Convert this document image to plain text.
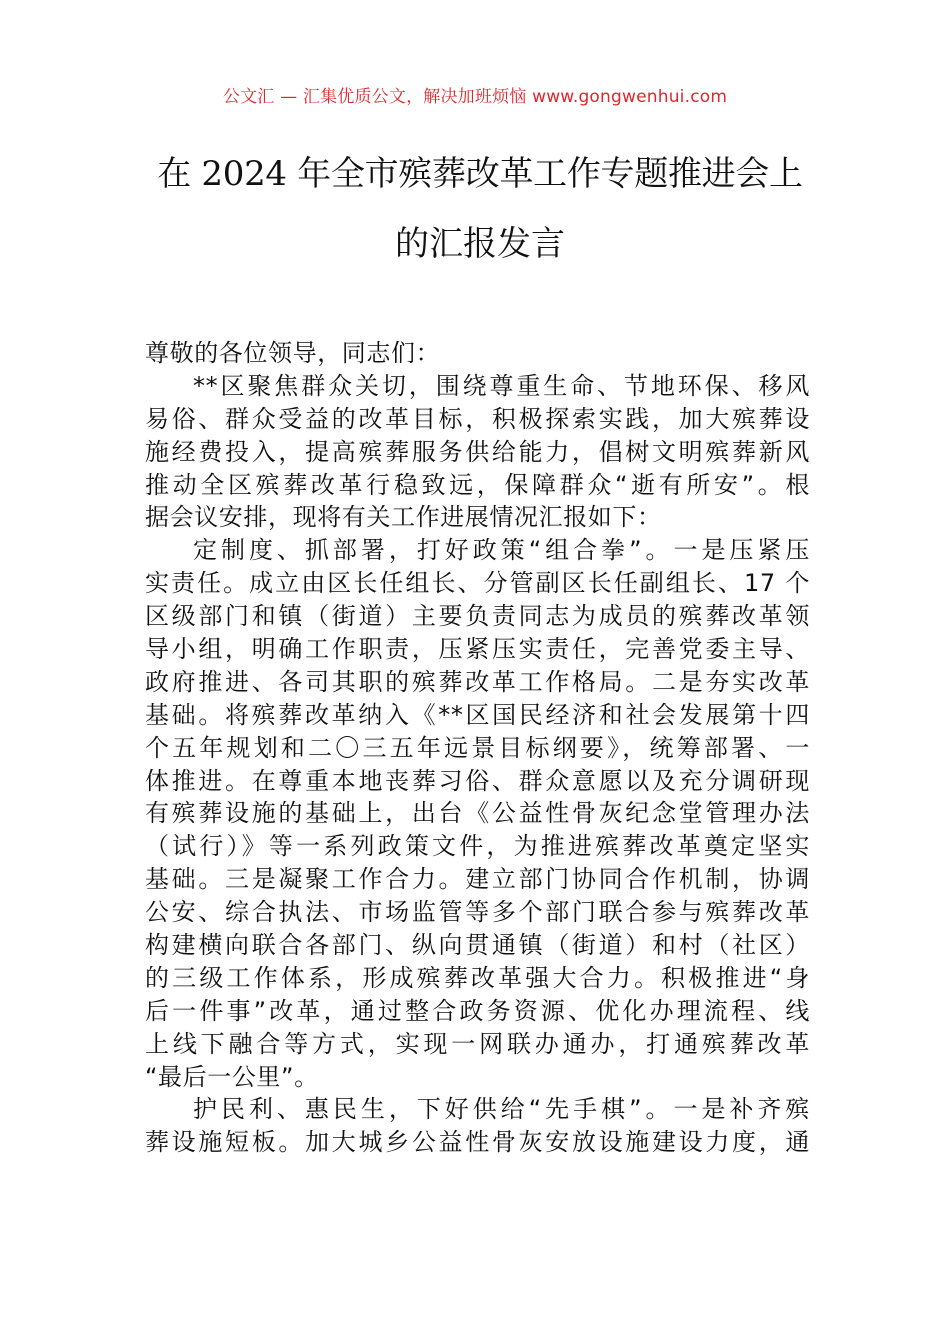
公文汇 — 汇集优质公文，解决加班烦恼 www.gongwenhui.com
在 2024 年全市殡葬改革工作专题推进会上
的汇报发言
尊敬的各位领导，同志们：
**区聚焦群众关切，围绕尊重生命、节地环保、移风
易俗、群众受益的改革目标，积极探索实践，加大殡葬设
施经费投入，提高殡葬服务供给能力，倡树文明殡葬新风
推动全区殡葬改革行稳致远，保障群众“逝有所安”。根
据会议安排，现将有关工作进展情况汇报如下：
定制度、抓部署，打好政策“组合拳”。一是压紧压
实责任。成立由区长任组长、分管副区长任副组长、17 个
区级部门和镇（街道）主要负责同志为成员的殡葬改革领
导小组，明确工作职责，压紧压实责任，完善党委主导、
政府推进、各司其职的殡葬改革工作格局。二是夯实改革
基础。将殡葬改革纳入《**区国民经济和社会发展第十四
个五年规划和二〇三五年远景目标纲要》，统筹部署、一
体推进。在尊重本地丧葬习俗、群众意愿以及充分调研现
有殡葬设施的基础上，出台《公益性骨灰纪念堂管理办法
（试行）》等一系列政策文件，为推进殡葬改革奠定坚实
基础。三是凝聚工作合力。建立部门协同合作机制，协调
公安、综合执法、市场监管等多个部门联合参与殡葬改革
构建横向联合各部门、纵向贯通镇（街道）和村（社区）
的三级工作体系，形成殡葬改革强大合力。积极推进“身
后一件事”改革，通过整合政务资源、优化办理流程、线
上线下融合等方式，实现一网联办通办，打通殡葬改革
“最后一公里”。
护民利、惠民生，下好供给“先手棋”。一是补齐殡
葬设施短板。加大城乡公益性骨灰安放设施建设力度，通
